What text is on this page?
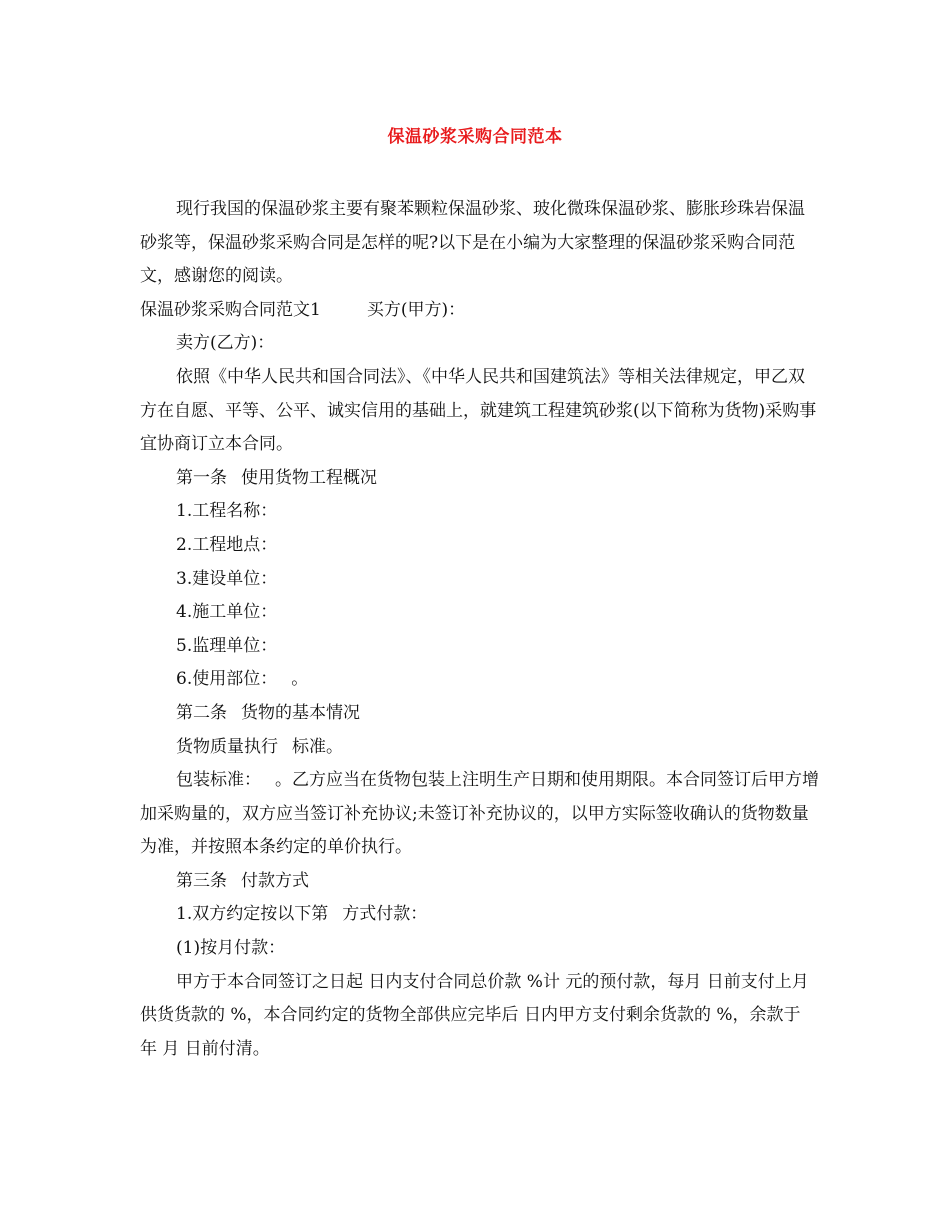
保温砂浆采购合同范本

现行我国的保温砂浆主要有聚苯颗粒保温砂浆、玻化微珠保温砂浆、膨胀珍珠岩保温砂浆等，保温砂浆采购合同是怎样的呢?以下是在小编为大家整理的保温砂浆采购合同范文，感谢您的阅读。

保温砂浆采购合同范文1	买方(甲方)：

卖方(乙方)：

依照《中华人民共和国合同法》、《中华人民共和国建筑法》等相关法律规定，甲乙双方在自愿、平等、公平、诚实信用的基础上，就建筑工程建筑砂浆(以下简称为货物)采购事宜协商订立本合同。

第一条 使用货物工程概况

1.工程名称：

2.工程地点：

3.建设单位：

4.施工单位：

5.监理单位：

6.使用部位： 。

第二条 货物的基本情况

货物质量执行 标准。

包装标准： 。乙方应当在货物包装上注明生产日期和使用期限。本合同签订后甲方增加采购量的，双方应当签订补充协议;未签订补充协议的，以甲方实际签收确认的货物数量为准，并按照本条约定的单价执行。

第三条 付款方式

1.双方约定按以下第 方式付款：

(1)按月付款：

甲方于本合同签订之日起 日内支付合同总价款 %计 元的预付款，每月 日前支付上月供货货款的 %，本合同约定的货物全部供应完毕后 日内甲方支付剩余货款的 %，余款于 年 月 日前付清。
